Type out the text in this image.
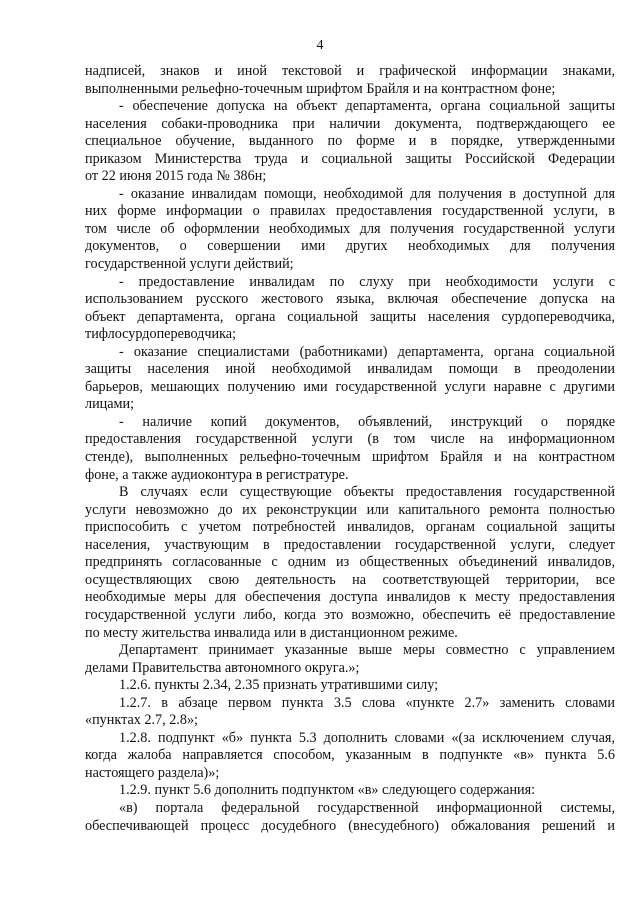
4
надписей, знаков и иной текстовой и графической информации знаками,
выполненными рельефно-точечным шрифтом Брайля и на контрастном фоне;
- обеспечение допуска на объект департамента, органа социальной защиты
населения собаки-проводника при наличии документа, подтверждающего ее
специальное обучение, выданного по форме и в порядке, утвержденными
приказом Министерства труда и социальной защиты Российской Федерации
от 22 июня 2015 года № 386н;
- оказание инвалидам помощи, необходимой для получения в доступной для
них форме информации о правилах предоставления государственной услуги, в
том числе об оформлении необходимых для получения государственной услуги
документов, о совершении ими других необходимых для получения
государственной услуги действий;
- предоставление инвалидам по слуху при необходимости услуги с
использованием русского жестового языка, включая обеспечение допуска на
объект департамента, органа социальной защиты населения сурдопереводчика,
тифлосурдопереводчика;
- оказание специалистами (работниками) департамента, органа социальной
защиты населения иной необходимой инвалидам помощи в преодолении
барьеров, мешающих получению ими государственной услуги наравне с другими
лицами;
- наличие копий документов, объявлений, инструкций о порядке
предоставления государственной услуги (в том числе на информационном
стенде), выполненных рельефно-точечным шрифтом Брайля и на контрастном
фоне, а также аудиоконтура в регистратуре.
В случаях если существующие объекты предоставления государственной
услуги невозможно до их реконструкции или капитального ремонта полностью
приспособить с учетом потребностей инвалидов, органам социальной защиты
населения, участвующим в предоставлении государственной услуги, следует
предпринять согласованные с одним из общественных объединений инвалидов,
осуществляющих свою деятельность на соответствующей территории, все
необходимые меры для обеспечения доступа инвалидов к месту предоставления
государственной услуги либо, когда это возможно, обеспечить её предоставление
по месту жительства инвалида или в дистанционном режиме.
Департамент принимает указанные выше меры совместно с управлением
делами Правительства автономного округа.»;
1.2.6. пункты 2.34, 2.35 признать утратившими силу;
1.2.7. в абзаце первом пункта 3.5 слова «пункте 2.7» заменить словами
«пунктах 2.7, 2.8»;
1.2.8. подпункт «б» пункта 5.3 дополнить словами «(за исключением случая,
когда жалоба направляется способом, указанным в подпункте «в» пункта 5.6
настоящего раздела)»;
1.2.9. пункт 5.6 дополнить подпунктом «в» следующего содержания:
«в) портала федеральной государственной информационной системы,
обеспечивающей процесс досудебного (внесудебного) обжалования решений и
